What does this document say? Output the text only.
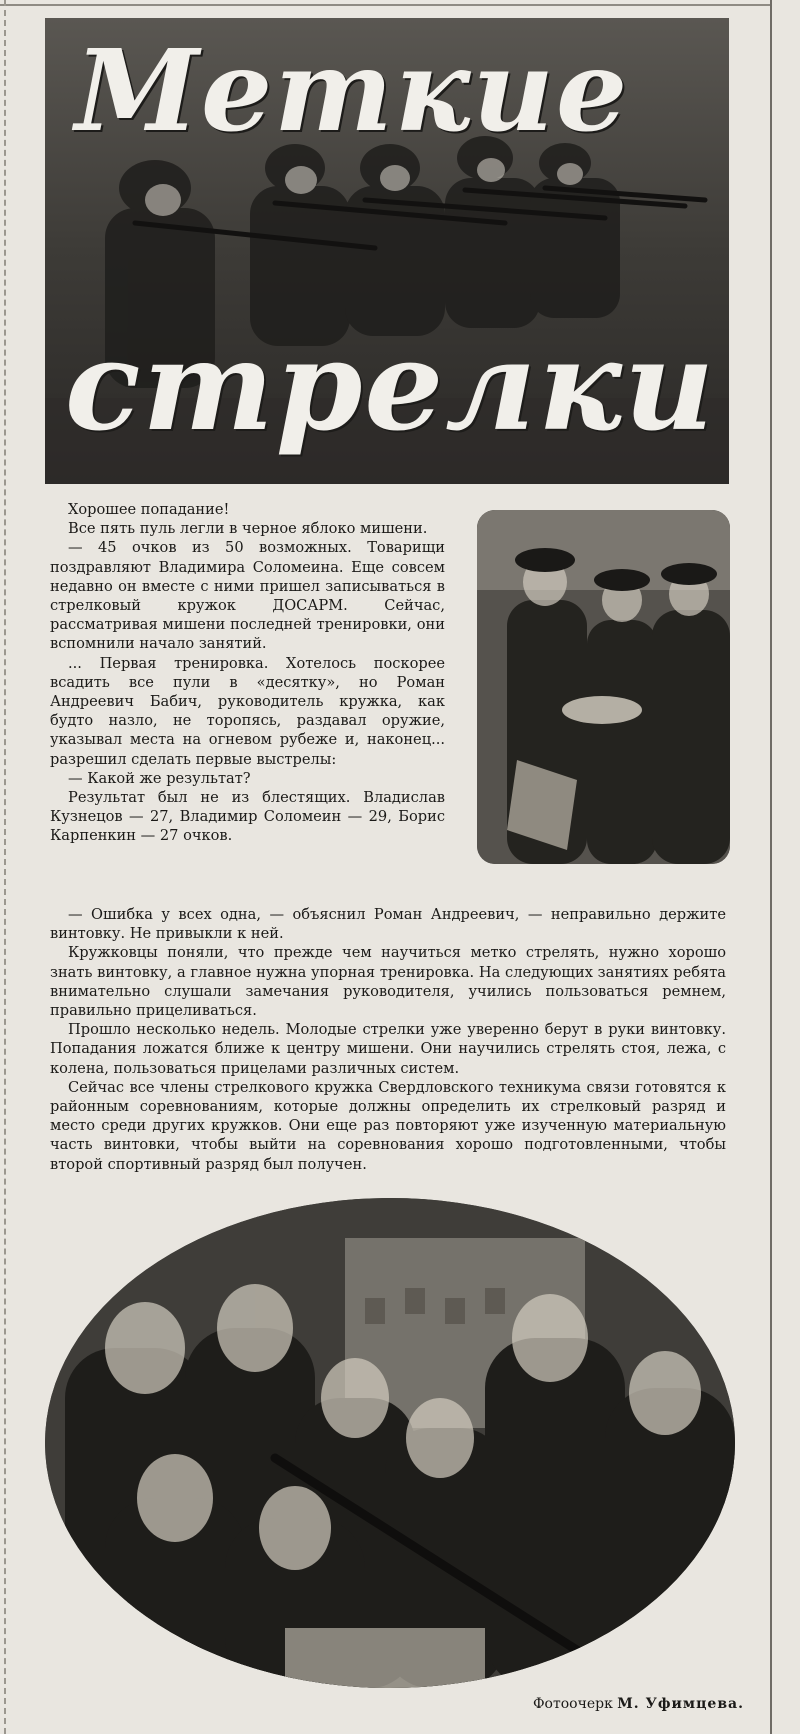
Меткие
стрелки

Хорошее попадание!

Все пять пуль легли в черное яблоко мишени.

— 45 очков из 50 возможных. Товарищи поздравляют Владимира Соломеина. Еще совсем недавно он вместе с ними пришел записываться в стрелковый кружок ДОСАРМ. Сейчас, рассматривая мишени последней тренировки, они вспомнили начало занятий.

... Первая тренировка. Хотелось поскорее всадить все пули в «десятку», но Роман Андреевич Бабич, руководитель кружка, как будто назло, не торопясь, раздавал оружие, указывал места на огневом рубеже и, наконец... разрешил сделать первые выстрелы:

— Какой же результат?

Результат был не из блестящих. Владислав Кузнецов — 27, Владимир Соломеин — 29, Борис Карпенкин — 27 очков.

— Ошибка у всех одна, — объяснил Роман Андреевич, — неправильно держите винтовку. Не привыкли к ней.

Кружковцы поняли, что прежде чем научиться метко стрелять, нужно хорошо знать винтовку, а главное нужна упорная тренировка. На следующих занятиях ребята внимательно слушали замечания руководителя, учились пользоваться ремнем, правильно прицеливаться.

Прошло несколько недель. Молодые стрелки уже уверенно берут в руки винтовку. Попадания ложатся ближе к центру мишени. Они научились стрелять стоя, лежа, с колена, пользоваться прицелами различных систем.

Сейчас все члены стрелкового кружка Свердловского техникума связи готовятся к районным соревнованиям, которые должны определить их стрелковый разряд и место среди других кружков. Они еще раз повторяют уже изученную материальную часть винтовки, чтобы выйти на соревнования хорошо подготовленными, чтобы второй спортивный разряд был получен.

Фотоочерк М. Уфимцева.
